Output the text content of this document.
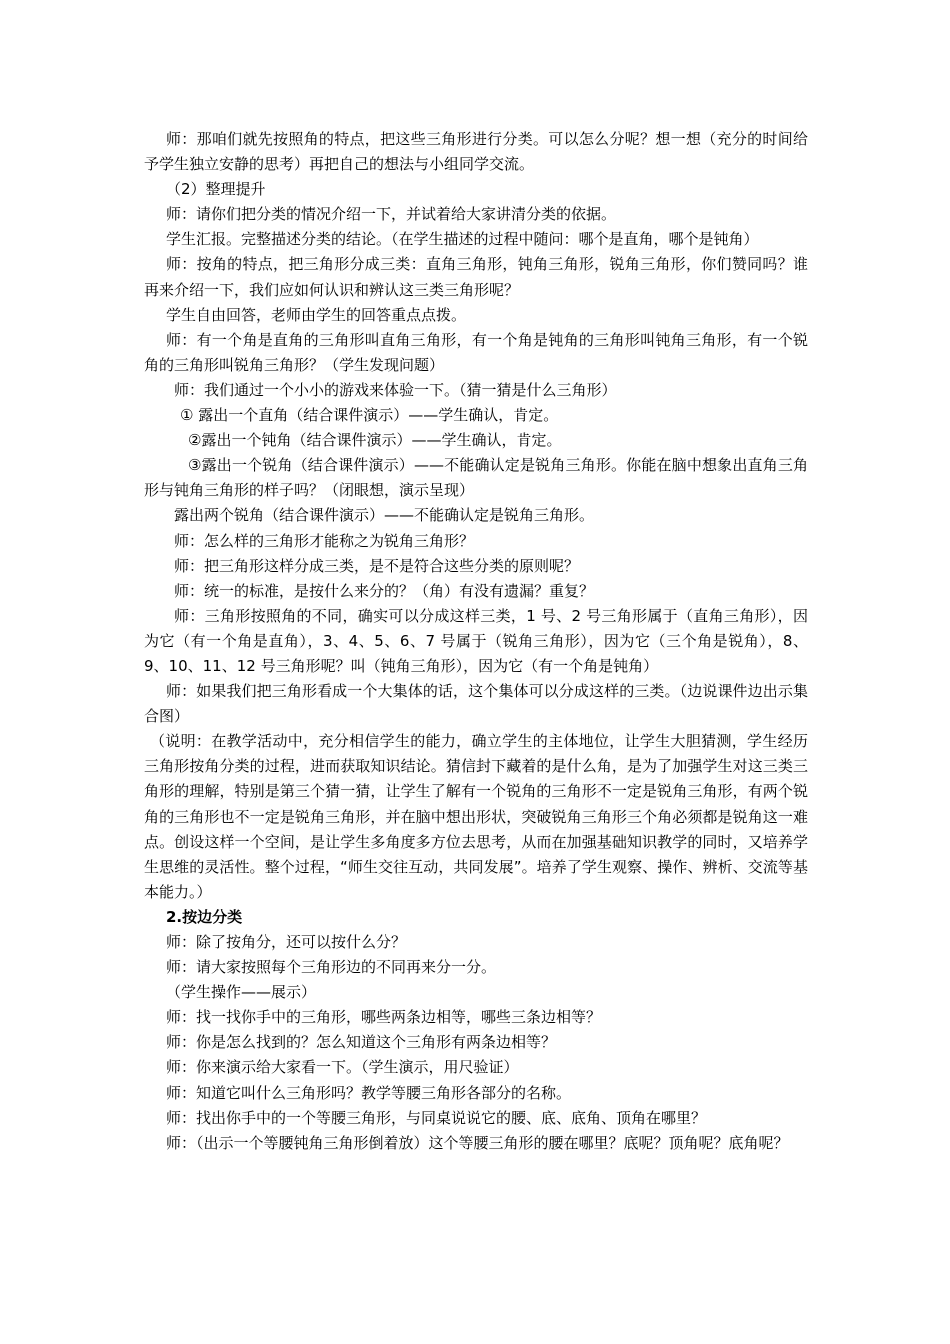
师：那咱们就先按照角的特点，把这些三角形进行分类。可以怎么分呢？想一想（充分的时间给予学生独立安静的思考）再把自己的想法与小组同学交流。

（2）整理提升

师：请你们把分类的情况介绍一下，并试着给大家讲清分类的依据。

学生汇报。完整描述分类的结论。（在学生描述的过程中随问：哪个是直角，哪个是钝角）

师：按角的特点，把三角形分成三类：直角三角形，钝角三角形，锐角三角形，你们赞同吗？谁再来介绍一下，我们应如何认识和辨认这三类三角形呢？

学生自由回答，老师由学生的回答重点点拨。

师：有一个角是直角的三角形叫直角三角形，有一个角是钝角的三角形叫钝角三角形，有一个锐角的三角形叫锐角三角形？（学生发现问题）

师：我们通过一个小小的游戏来体验一下。（猜一猜是什么三角形）

① 露出一个直角（结合课件演示）——学生确认，肯定。

②露出一个钝角（结合课件演示）——学生确认，肯定。

③露出一个锐角（结合课件演示）——不能确认定是锐角三角形。你能在脑中想象出直角三角形与钝角三角形的样子吗？（闭眼想，演示呈现）

露出两个锐角（结合课件演示）——不能确认定是锐角三角形。

师：怎么样的三角形才能称之为锐角三角形？

师：把三角形这样分成三类，是不是符合这些分类的原则呢？

师：统一的标准，是按什么来分的？（角）有没有遗漏？重复？

师：三角形按照角的不同，确实可以分成这样三类，1 号、2 号三角形属于（直角三角形），因为它（有一个角是直角），3、4、5、6、7 号属于（锐角三角形），因为它（三个角是锐角），8、9、10、11、12 号三角形呢？叫（钝角三角形），因为它（有一个角是钝角）

师：如果我们把三角形看成一个大集体的话，这个集体可以分成这样的三类。（边说课件边出示集合图）

（说明：在教学活动中，充分相信学生的能力，确立学生的主体地位，让学生大胆猜测，学生经历三角形按角分类的过程，进而获取知识结论。猜信封下藏着的是什么角，是为了加强学生对这三类三角形的理解，特别是第三个猜一猜，让学生了解有一个锐角的三角形不一定是锐角三角形，有两个锐角的三角形也不一定是锐角三角形，并在脑中想出形状，突破锐角三角形三个角必须都是锐角这一难点。创设这样一个空间，是让学生多角度多方位去思考，从而在加强基础知识教学的同时，又培养学生思维的灵活性。整个过程，“师生交往互动，共同发展”。培养了学生观察、操作、辨析、交流等基本能力。）

2.按边分类

师：除了按角分，还可以按什么分？

师：请大家按照每个三角形边的不同再来分一分。

（学生操作——展示）

师：找一找你手中的三角形，哪些两条边相等，哪些三条边相等？

师：你是怎么找到的？怎么知道这个三角形有两条边相等？

师：你来演示给大家看一下。（学生演示，用尺验证）

师：知道它叫什么三角形吗？教学等腰三角形各部分的名称。

师：找出你手中的一个等腰三角形，与同桌说说它的腰、底、底角、顶角在哪里？

师：（出示一个等腰钝角三角形倒着放）这个等腰三角形的腰在哪里？底呢？顶角呢？底角呢？
